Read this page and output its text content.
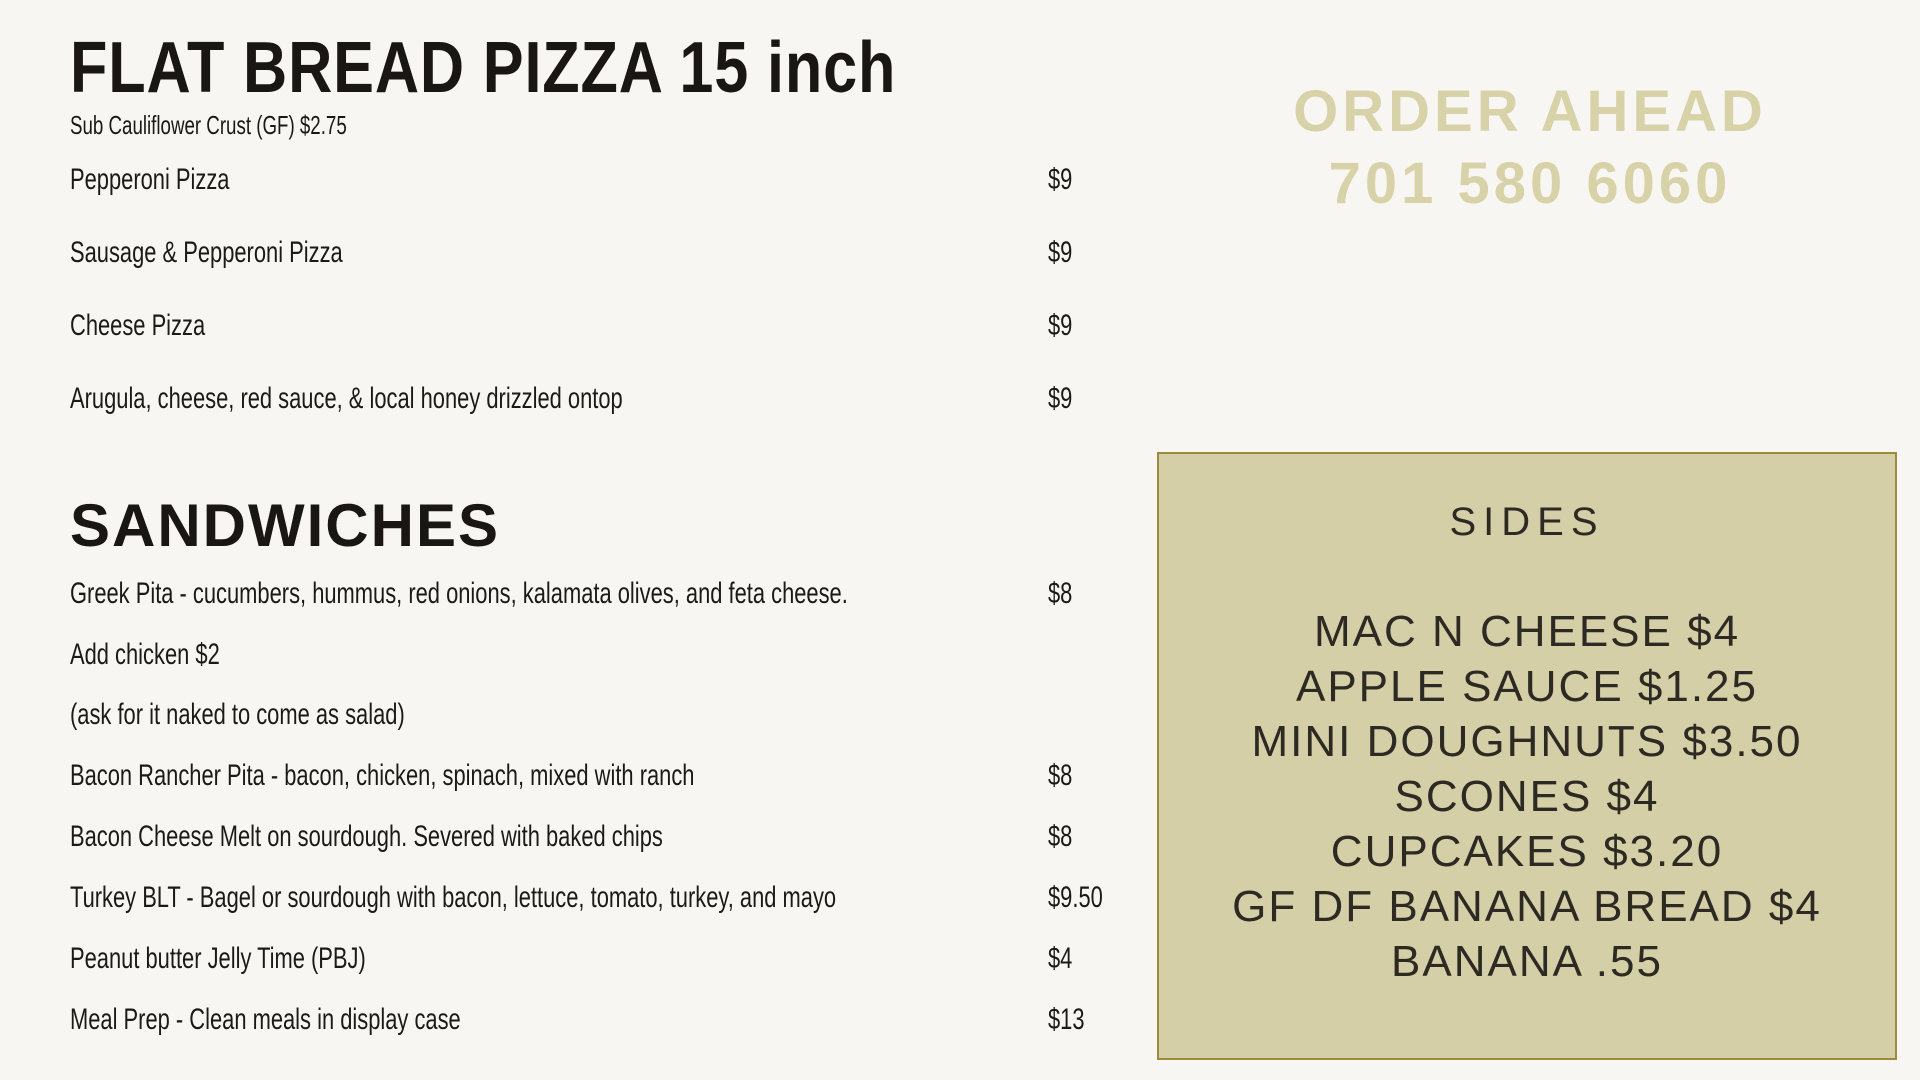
FLAT BREAD PIZZA 15 inch

Sub Cauliflower Crust (GF) $2.75

Pepperoni Pizza	$9
Sausage & Pepperoni Pizza	$9
Cheese Pizza	$9
Arugula, cheese, red sauce, & local honey drizzled ontop	$9
SANDWICHES
Greek Pita - cucumbers, hummus, red onions, kalamata olives, and feta cheese.	$8
Add chicken $2
(ask for it naked to come as salad)
Bacon Rancher Pita - bacon, chicken, spinach, mixed with ranch	$8
Bacon Cheese Melt on sourdough. Severed with baked chips	$8
Turkey BLT - Bagel or sourdough with bacon, lettuce, tomato, turkey, and mayo	$9.50
Peanut butter Jelly Time (PBJ)	$4
Meal Prep - Clean meals in display case	$13
ORDER AHEAD
701 580 6060
SIDES
MAC N CHEESE $4
APPLE SAUCE $1.25
MINI DOUGHNUTS $3.50
SCONES $4
CUPCAKES $3.20
GF DF BANANA BREAD $4
BANANA .55
